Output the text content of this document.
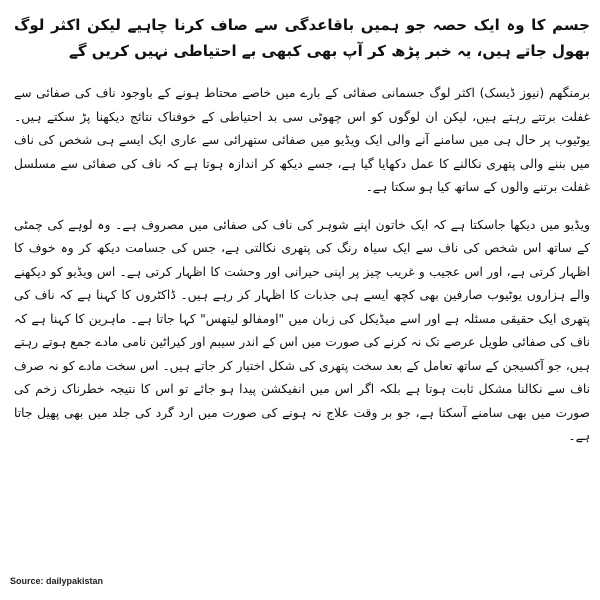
جسم کا وہ ایک حصہ جو ہمیں باقاعدگی سے صاف کرنا چاہیے لیکن اکثر لوگ بھول جاتے ہیں، یہ خبر پڑھ کر آپ بھی کبھی بے احتیاطی نہیں کریں گے
برمنگھم (نیوز ڈیسک) اکثر لوگ جسمانی صفائی کے بارے میں خاصے محتاط ہونے کے باوجود ناف کی صفائی سے غفلت برتتے رہتے ہیں، لیکن ان لوگوں کو اس چھوٹی سی بد احتیاطی کے خوفناک نتائج دیکھنا پڑ سکتے ہیں۔ یوٹیوب پر حال ہی میں سامنے آنے والی ایک ویڈیو میں صفائی ستھرائی سے عاری ایک ایسے ہی شخص کی ناف میں بننے والی پتھری نکالنے کا عمل دکھایا گیا ہے، جسے دیکھ کر اندازہ ہوتا ہے کہ ناف کی صفائی سے مسلسل غفلت برتنے والوں کے ساتھ کیا ہو سکتا ہے۔
ویڈیو میں دیکھا جاسکتا ہے کہ ایک خاتون اپنے شوہر کی ناف کی صفائی میں مصروف ہے۔ وہ لوہے کی چمٹی کے ساتھ اس شخص کی ناف سے ایک سیاہ رنگ کی پتھری نکالتی ہے، جس کی جسامت دیکھ کر وہ خوف کا اظہار کرتی ہے، اور اس عجیب و غریب چیز پر اپنی حیرانی اور وحشت کا اظہار کرتی ہے۔ اس ویڈیو کو دیکھنے والے ہزاروں یوٹیوب صارفین بھی کچھ ایسے ہی جذبات کا اظہار کر رہے ہیں۔ ڈاکٹروں کا کہنا ہے کہ ناف کی پتھری ایک حقیقی مسئلہ ہے اور اسے میڈیکل کی زبان میں "اومفالو لیتھس" کہا جاتا ہے۔ ماہرین کا کہنا ہے کہ ناف کی صفائی طویل عرصے تک نہ کرنے کی صورت میں اس کے اندر سیبم اور کیراٹین نامی مادے جمع ہوتے رہتے ہیں، جو آکسیجن کے ساتھ تعامل کے بعد سخت پتھری کی شکل اختیار کر جاتے ہیں۔ اس سخت مادے کو نہ صرف ناف سے نکالنا مشکل ثابت ہوتا ہے بلکہ اگر اس میں انفیکشن پیدا ہو جائے تو اس کا نتیجہ خطرناک زخم کی صورت میں بھی سامنے آسکتا ہے، جو بر وقت علاج نہ ہونے کی صورت میں ارد گرد کی جلد میں بھی پھیل جاتا ہے۔
Source: dailypakistan
